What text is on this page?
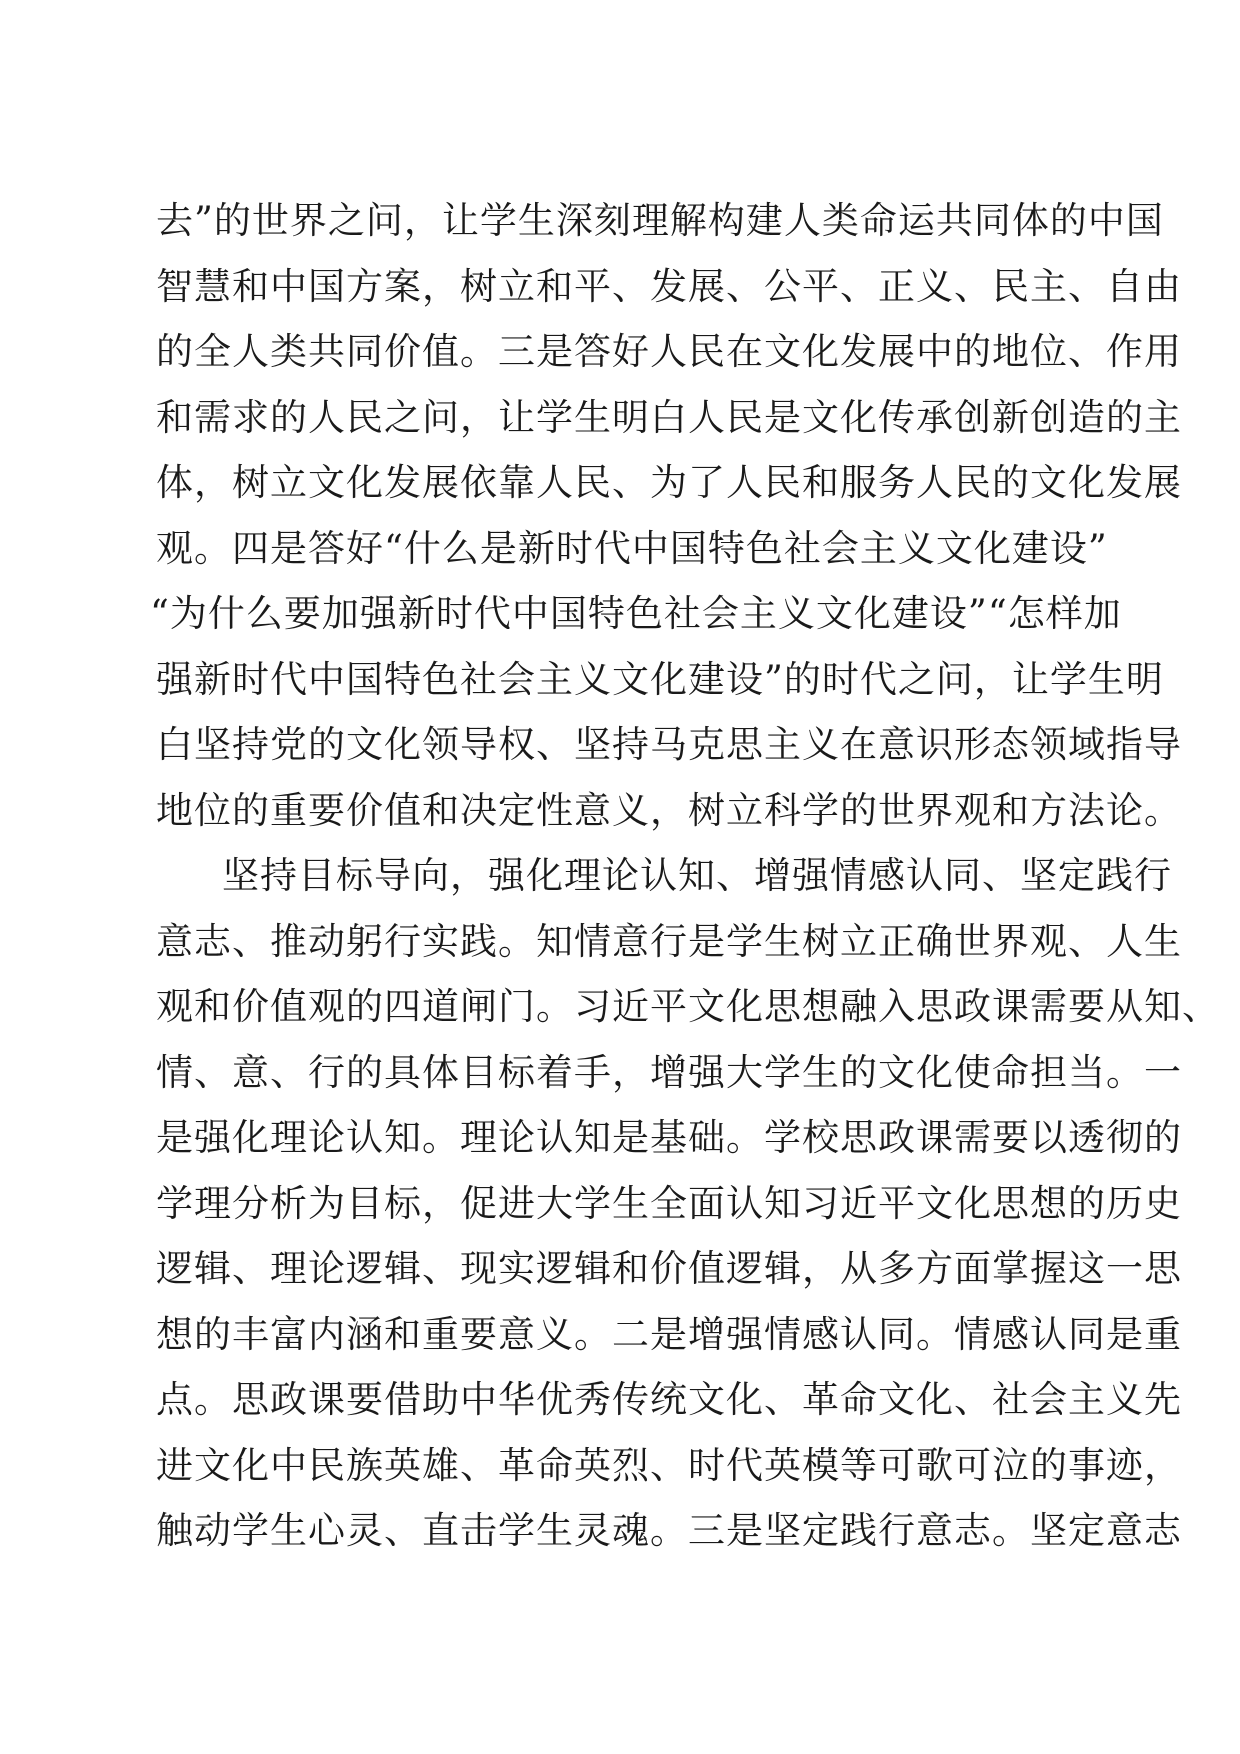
去”的世界之问，让学生深刻理解构建人类命运共同体的中国
智慧和中国方案，树立和平、发展、公平、正义、民主、自由
的全人类共同价值。三是答好人民在文化发展中的地位、作用
和需求的人民之问，让学生明白人民是文化传承创新创造的主
体，树立文化发展依靠人民、为了人民和服务人民的文化发展
观。四是答好“什么是新时代中国特色社会主义文化建设”
“为什么要加强新时代中国特色社会主义文化建设”“怎样加
强新时代中国特色社会主义文化建设”的时代之问，让学生明
白坚持党的文化领导权、坚持马克思主义在意识形态领域指导
地位的重要价值和决定性意义，树立科学的世界观和方法论。
坚持目标导向，强化理论认知、增强情感认同、坚定践行
意志、推动躬行实践。知情意行是学生树立正确世界观、人生
观和价值观的四道闸门。习近平文化思想融入思政课需要从知、
情、意、行的具体目标着手，增强大学生的文化使命担当。一
是强化理论认知。理论认知是基础。学校思政课需要以透彻的
学理分析为目标，促进大学生全面认知习近平文化思想的历史
逻辑、理论逻辑、现实逻辑和价值逻辑，从多方面掌握这一思
想的丰富内涵和重要意义。二是增强情感认同。情感认同是重
点。思政课要借助中华优秀传统文化、革命文化、社会主义先
进文化中民族英雄、革命英烈、时代英模等可歌可泣的事迹，
触动学生心灵、直击学生灵魂。三是坚定践行意志。坚定意志
